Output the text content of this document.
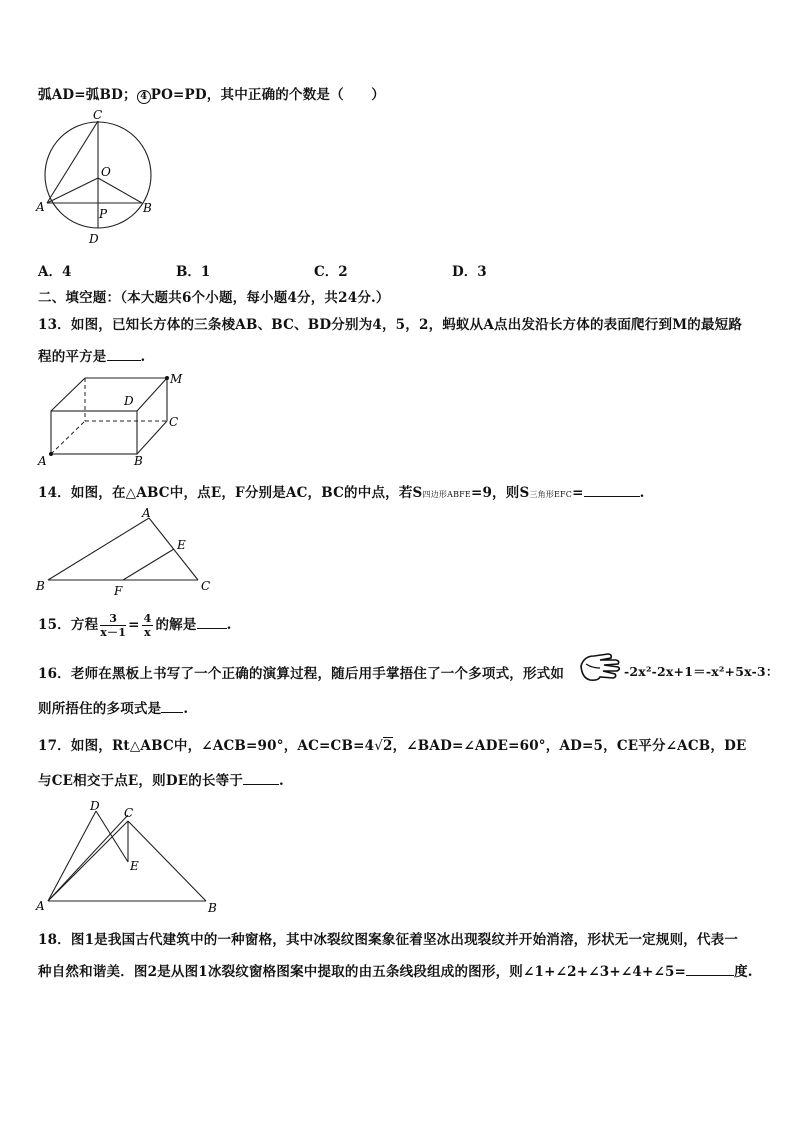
弧AD=弧BD； 4 PO=PD，其中正确的个数是（　　）
C
O
A	P	B
D
A．4	B．1	C．2	D．3
二、填空题：（本大题共6个小题，每小题4分，共24分.）
13．如图，已知长方体的三条棱AB、BC、BD分别为4，5，2，蚂蚁从A点出发沿长方体的表面爬行到M的最短路
程的平方是	.
M
D
C
A	B
14．如图，在△ABC中，点E，F分别是AC，BC的中点，若S四边形ABFE=9，则S三角形EFC=	.
A
E
B	F	C
15．方程 $\frac{3}{x-1} = \frac{4}{x}$ 的解是 .
16．老师在黑板上书写了一个正确的演算过程，随后用手掌捂住了一个多项式，形式如	-2x²-2x+1＝-x²+5x-3：
则所捂住的多项式是 .
17．如图，Rt△ABC中，∠ACB=90°，AC=CB=4√2，∠BAD=∠ADE=60°，AD=5，CE平分∠ACB，DE
与CE相交于点E，则DE的长等于	.
D C
E
A	B
18．图1是我国古代建筑中的一种窗格，其中冰裂纹图案象征着坚冰出现裂纹并开始消溶，形状无一定规则，代表一
种自然和谐美．图2是从图1冰裂纹窗格图案中提取的由五条线段组成的图形，则∠1+∠2+∠3+∠4+∠5=	度.
